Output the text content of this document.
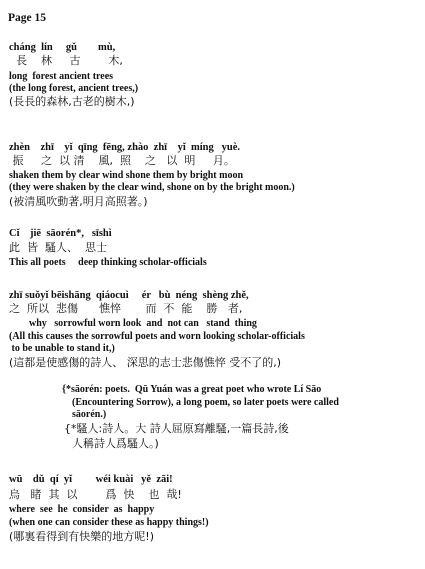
Page 15
cháng  lín     gǔ        mù,
長    林     古        木,
long  forest ancient trees
(the long forest, ancient trees,)
(長長的森林,古老的樹木,)
zhèn    zhī    yǐ  qīng  fēng, zhào  zhī    yǐ  míng   yuè.
振     之  以 清    風,  照    之   以  明     月。
shaken them by clear wind shone them by bright moon
(they were shaken by the clear wind, shone on by the bright moon.)
(被清風吹動著,明月高照著。)
Cǐ    jiē  sāorén*,   sīshì
此  皆  騷人、  思士
This all poets     deep thinking scholar-officials
zhī suǒyǐ bēishāng  qiáocuì     ér   bù  néng  shèng zhě,
之  所以  悲傷      憔悴       而  不  能    勝   者,
why   sorrowful worn look  and  not can   stand  thing
(All this causes the sorrowful poets and worn looking scholar-officials
to be unable to stand it,)
(這都是使感傷的詩人、 深思的志士悲傷憔悴 受不了的,)
{*sāorén: poets.  Qū Yuán was a great poet who wrote Lí Sāo
(Encountering Sorrow), a long poem, so later poets were called
sāorén.)
{*騷人:詩人。大 詩人屈原寫離騷,一篇長詩,後
人稱詩人爲騷人。)
wū    dǔ  qí  yǐ         wéi kuài   yě  zāi!
烏   睹  其  以        爲  快    也  哉!
where  see  he  consider  as  happy
(when one can consider these as happy things!)
(哪裏看得到有快樂的地方呢!)
